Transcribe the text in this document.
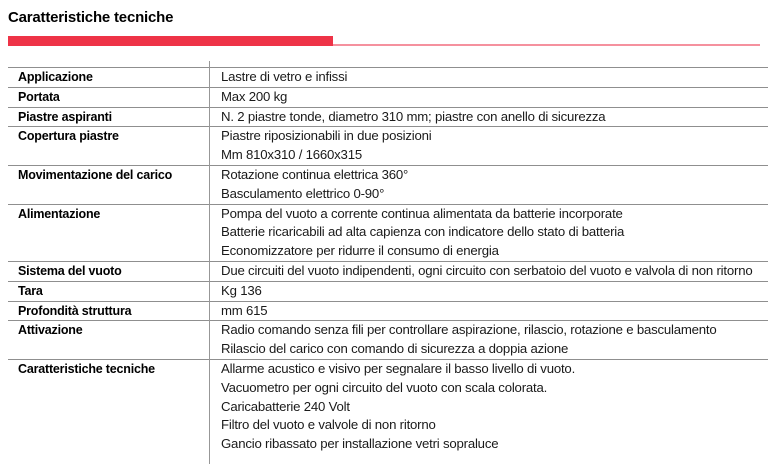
Caratteristiche tecniche
Applicazione	Lastre di vetro e infissi
Portata	Max 200 kg
Piastre aspiranti	N. 2 piastre tonde, diametro 310 mm; piastre con anello di sicurezza
Copertura piastre	Piastre riposizionabili in due posizioni
Mm 810x310 / 1660x315
Movimentazione del carico	Rotazione continua elettrica 360°
Basculamento elettrico 0-90°
Alimentazione	Pompa del vuoto a corrente continua alimentata da batterie incorporate
Batterie ricaricabili ad alta capienza con indicatore dello stato di batteria
Economizzatore per ridurre il consumo di energia
Sistema del vuoto	Due circuiti del vuoto indipendenti, ogni circuito con serbatoio del vuoto e valvola di non ritorno
Tara	Kg 136
Profondità struttura	mm 615
Attivazione	Radio comando senza fili per controllare aspirazione, rilascio, rotazione e basculamento
Rilascio del carico con comando di sicurezza a doppia azione
Caratteristiche tecniche	Allarme acustico e visivo per segnalare il basso livello di vuoto.
Vacuometro per ogni circuito del vuoto con scala colorata.
Caricabatterie 240 Volt
Filtro del vuoto e valvole di non ritorno
Gancio ribassato per installazione vetri sopraluce
